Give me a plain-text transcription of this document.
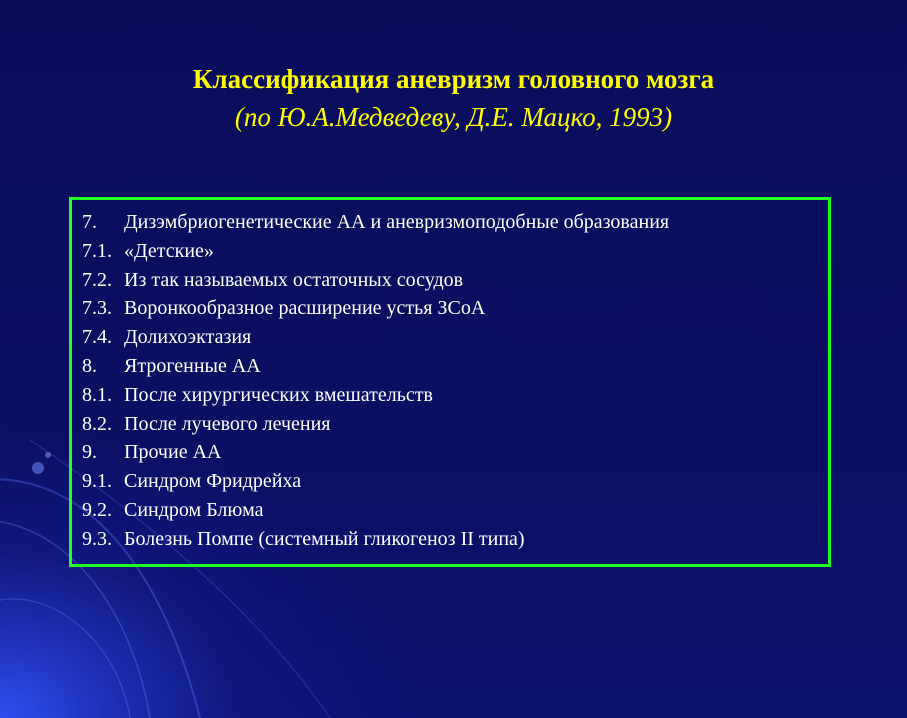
Классификация аневризм головного мозга
(по Ю.А.Медведеву, Д.Е. Мацко, 1993)
7.	Дизэмбриогенетические АА и аневризмоподобные образования
7.1. «Детские»
7.2. Из так называемых остаточных сосудов
7.3. Воронкообразное расширение устья ЗСоА
7.4. Долихоэктазия
8.	Ятрогенные АА
8.1. После хирургических вмешательств
8.2. После лучевого лечения
9.	Прочие АА
9.1. Синдром Фридрейха
9.2. Синдром Блюма
9.3. Болезнь Помпе (системный гликогеноз II типа)
